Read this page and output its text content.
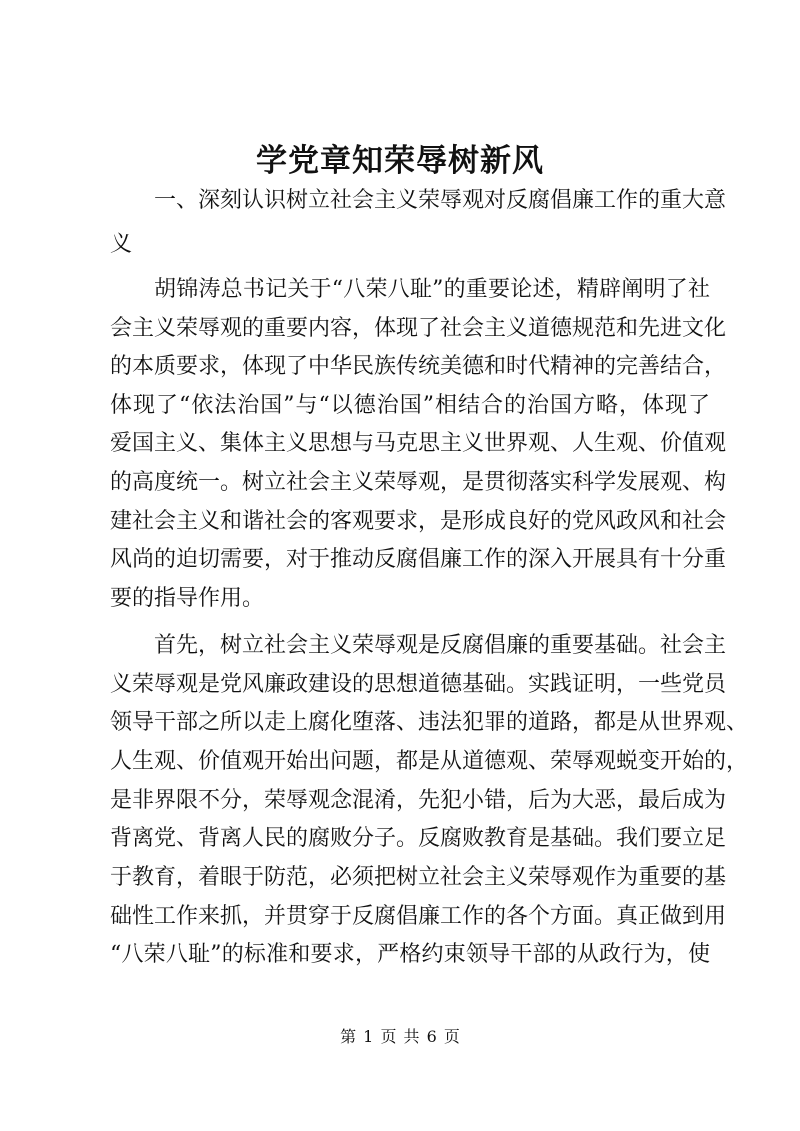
学党章知荣辱树新风
一、深刻认识树立社会主义荣辱观对反腐倡廉工作的重大意
义
胡锦涛总书记关于“八荣八耻”的重要论述，精辟阐明了社
会主义荣辱观的重要内容，体现了社会主义道德规范和先进文化
的本质要求，体现了中华民族传统美德和时代精神的完善结合，
体现了“依法治国”与“以德治国”相结合的治国方略，体现了
爱国主义、集体主义思想与马克思主义世界观、人生观、价值观
的高度统一。树立社会主义荣辱观，是贯彻落实科学发展观、构
建社会主义和谐社会的客观要求，是形成良好的党风政风和社会
风尚的迫切需要，对于推动反腐倡廉工作的深入开展具有十分重
要的指导作用。
首先，树立社会主义荣辱观是反腐倡廉的重要基础。社会主
义荣辱观是党风廉政建设的思想道德基础。实践证明，一些党员
领导干部之所以走上腐化堕落、违法犯罪的道路，都是从世界观、
人生观、价值观开始出问题，都是从道德观、荣辱观蜕变开始的，
是非界限不分，荣辱观念混淆，先犯小错，后为大恶，最后成为
背离党、背离人民的腐败分子。反腐败教育是基础。我们要立足
于教育，着眼于防范，必须把树立社会主义荣辱观作为重要的基
础性工作来抓，并贯穿于反腐倡廉工作的各个方面。真正做到用
“八荣八耻”的标准和要求，严格约束领导干部的从政行为，使
第 1 页 共 6 页
